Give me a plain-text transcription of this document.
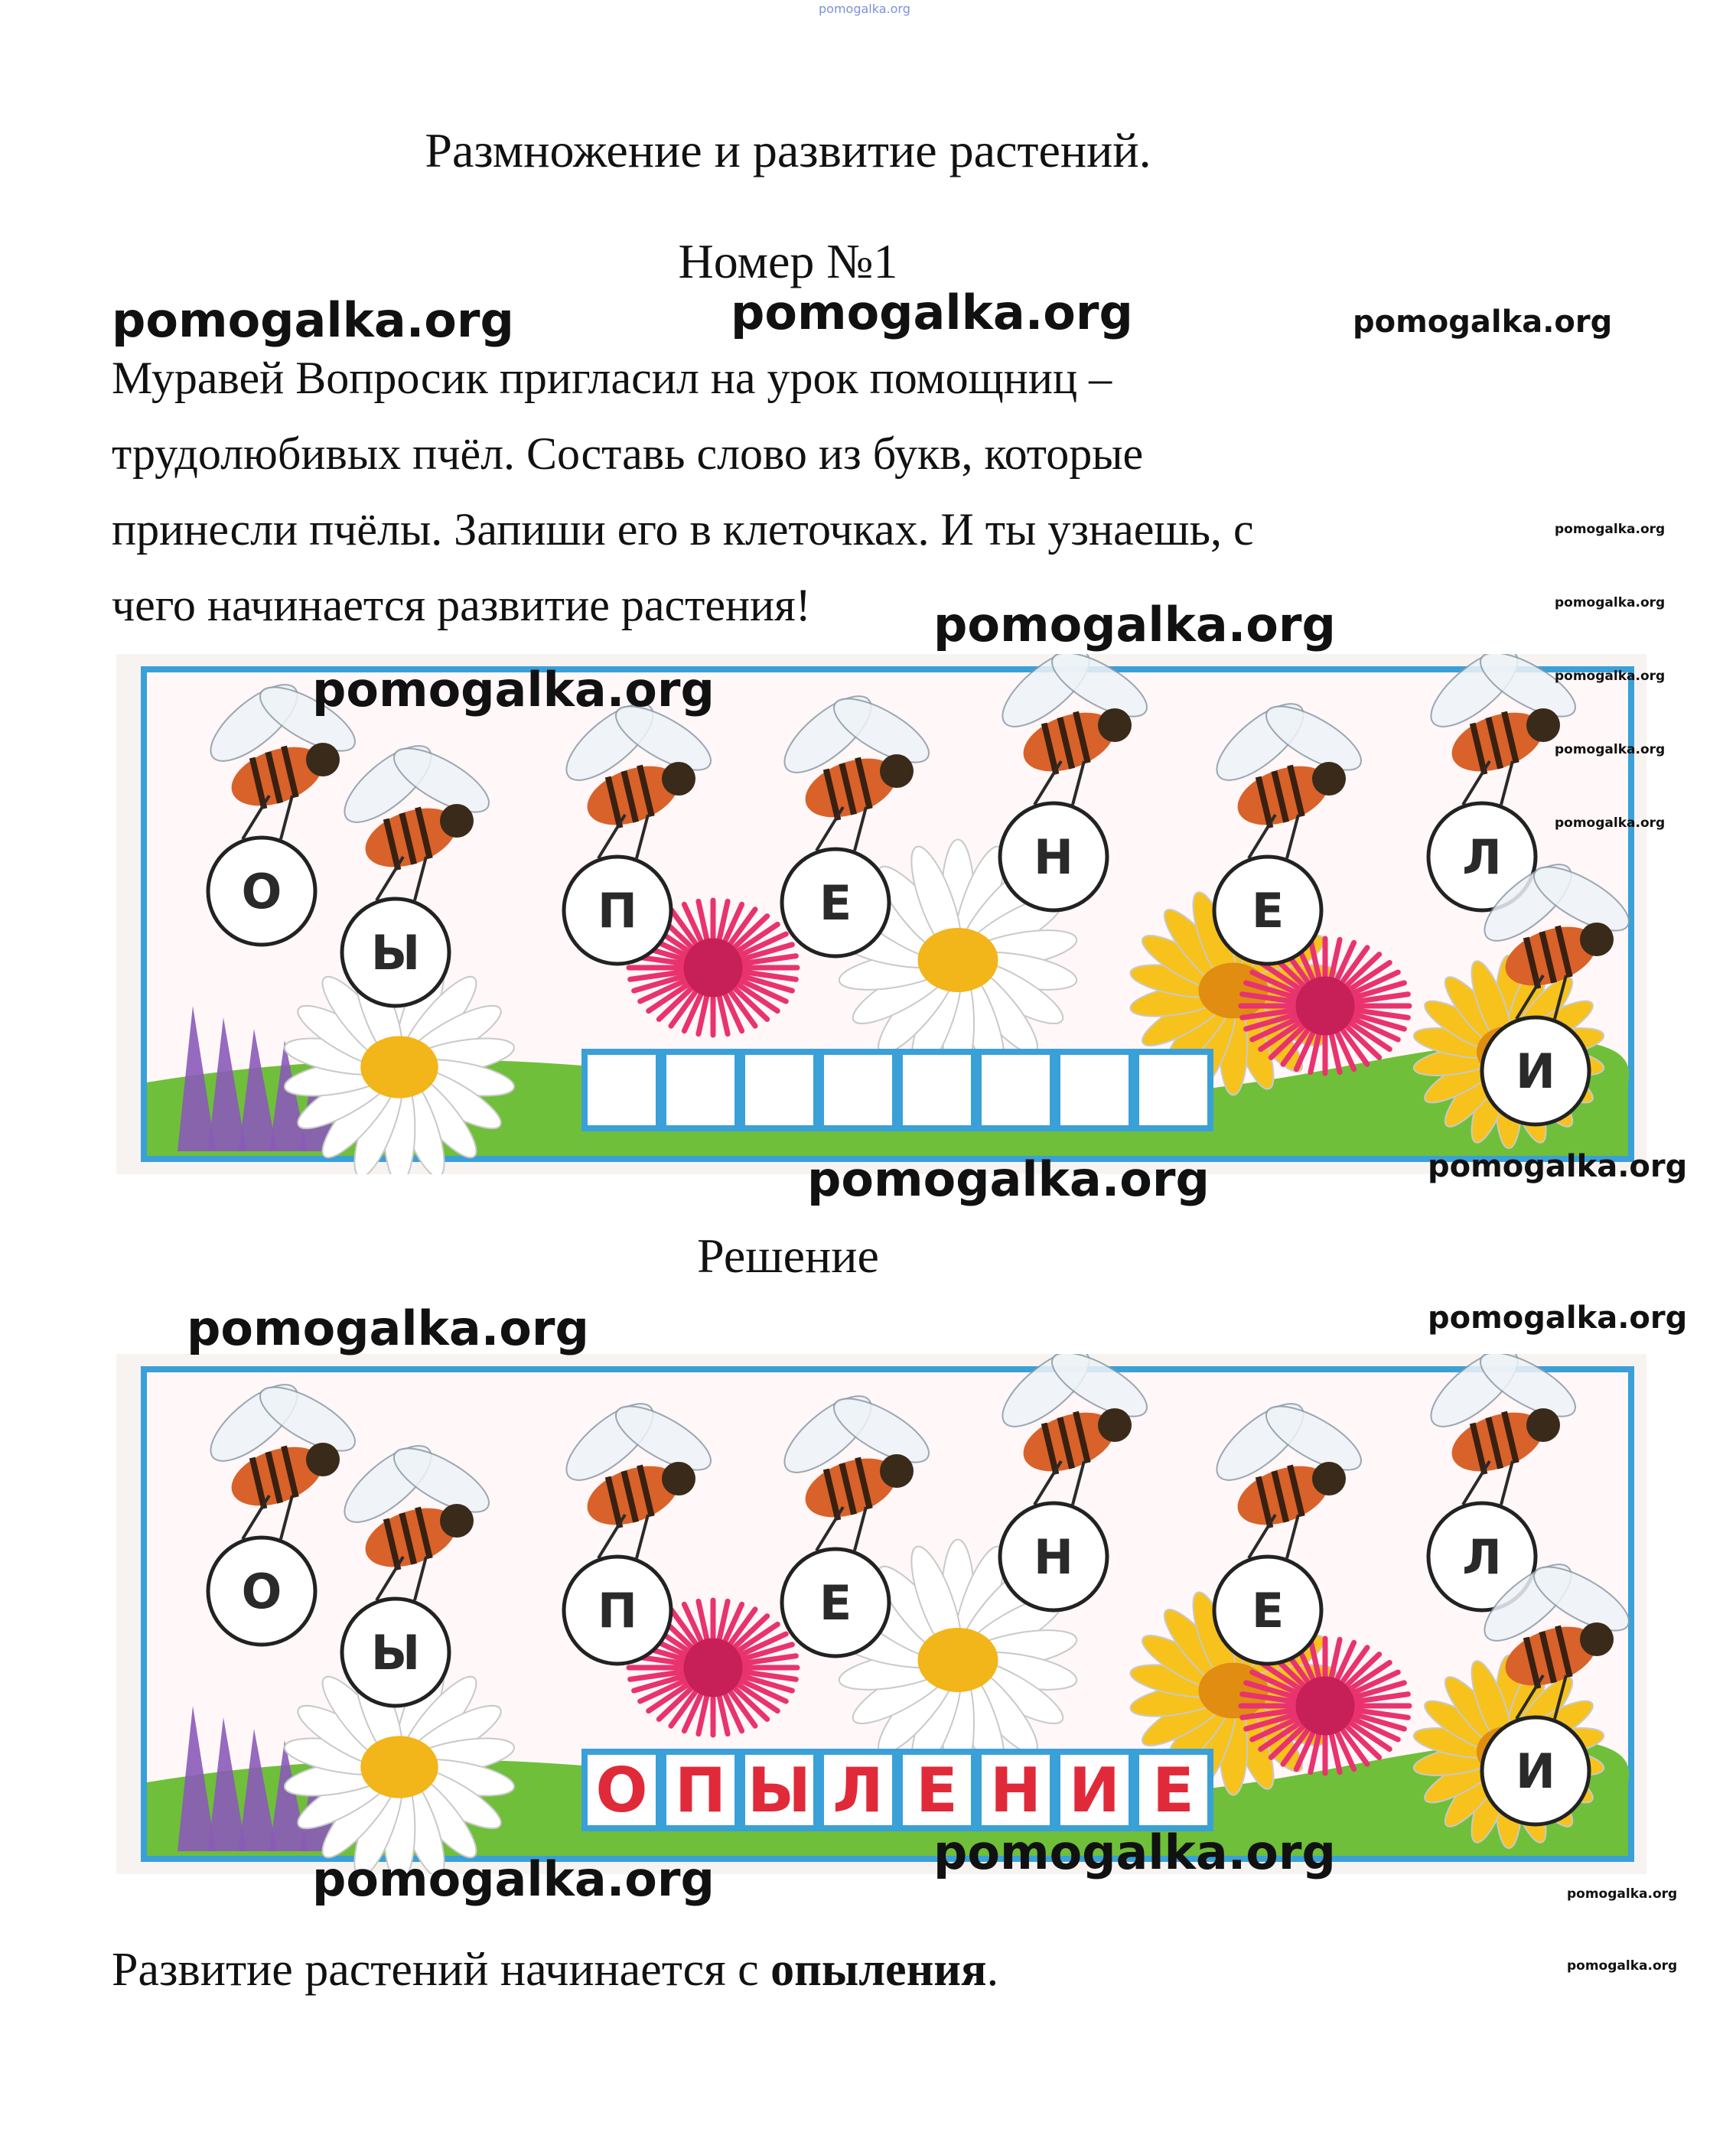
pomogalka.org
Размножение и развитие растений.
Номер №1
Муравей Вопросик пригласил на урок помощниц –
трудолюбивых пчёл. Составь слово из букв, которые
принесли пчёлы. Запиши его в клеточках. И ты узнаешь, с
чего начинается развитие растения!
Решение
Развитие растений начинается с опыления.
О
Ы
П	Е
Н
Е
Л
И
О
Ы
П	Е
Н
Е
Л
И
О П Ы Л Е Н И Е
pomogalka.org	pomogalka.org	pomogalka.org
pomogalka.org
pomogalka.org
pomogalka.org
pomogalka.org
pomogalka.org
pomogalka.org
pomogalka.org
pomogalka.org	pomogalka.org
pomogalka.org	pomogalka.org
pomogalka.org
pomogalka.org	pomogalka.org
pomogalka.org
